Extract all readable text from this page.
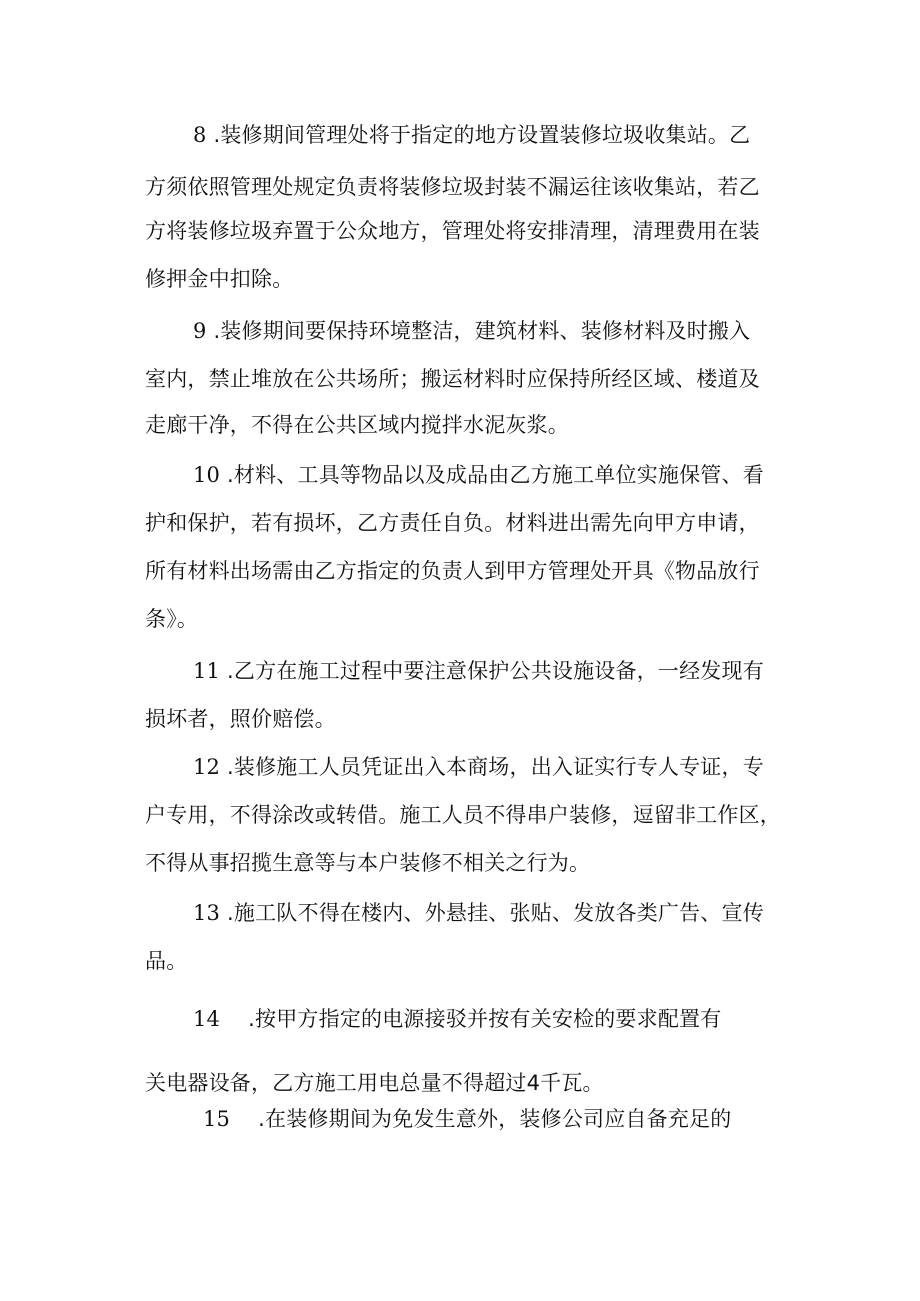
8 .装修期间管理处将于指定的地方设置装修垃圾收集站。乙
方须依照管理处规定负责将装修垃圾封装不漏运往该收集站，若乙
方将装修垃圾弃置于公众地方，管理处将安排清理，清理费用在装
修押金中扣除。
9 .装修期间要保持环境整洁，建筑材料、装修材料及时搬入
室内，禁止堆放在公共场所；搬运材料时应保持所经区域、楼道及
走廊干净，不得在公共区域内搅拌水泥灰浆。
10 .材料、工具等物品以及成品由乙方施工单位实施保管、看
护和保护，若有损坏，乙方责任自负。材料进出需先向甲方申请，
所有材料出场需由乙方指定的负责人到甲方管理处开具《物品放行
条》。
11 .乙方在施工过程中要注意保护公共设施设备，一经发现有
损坏者，照价赔偿。
12 .装修施工人员凭证出入本商场，出入证实行专人专证，专
户专用，不得涂改或转借。施工人员不得串户装修，逗留非工作区，
不得从事招揽生意等与本户装修不相关之行为。
13 .施工队不得在楼内、外悬挂、张贴、发放各类广告、宣传
品。
14 .按甲方指定的电源接驳并按有关安检的要求配置有
关电器设备，乙方施工用电总量不得超过4千瓦。
15 .在装修期间为免发生意外，装修公司应自备充足的
